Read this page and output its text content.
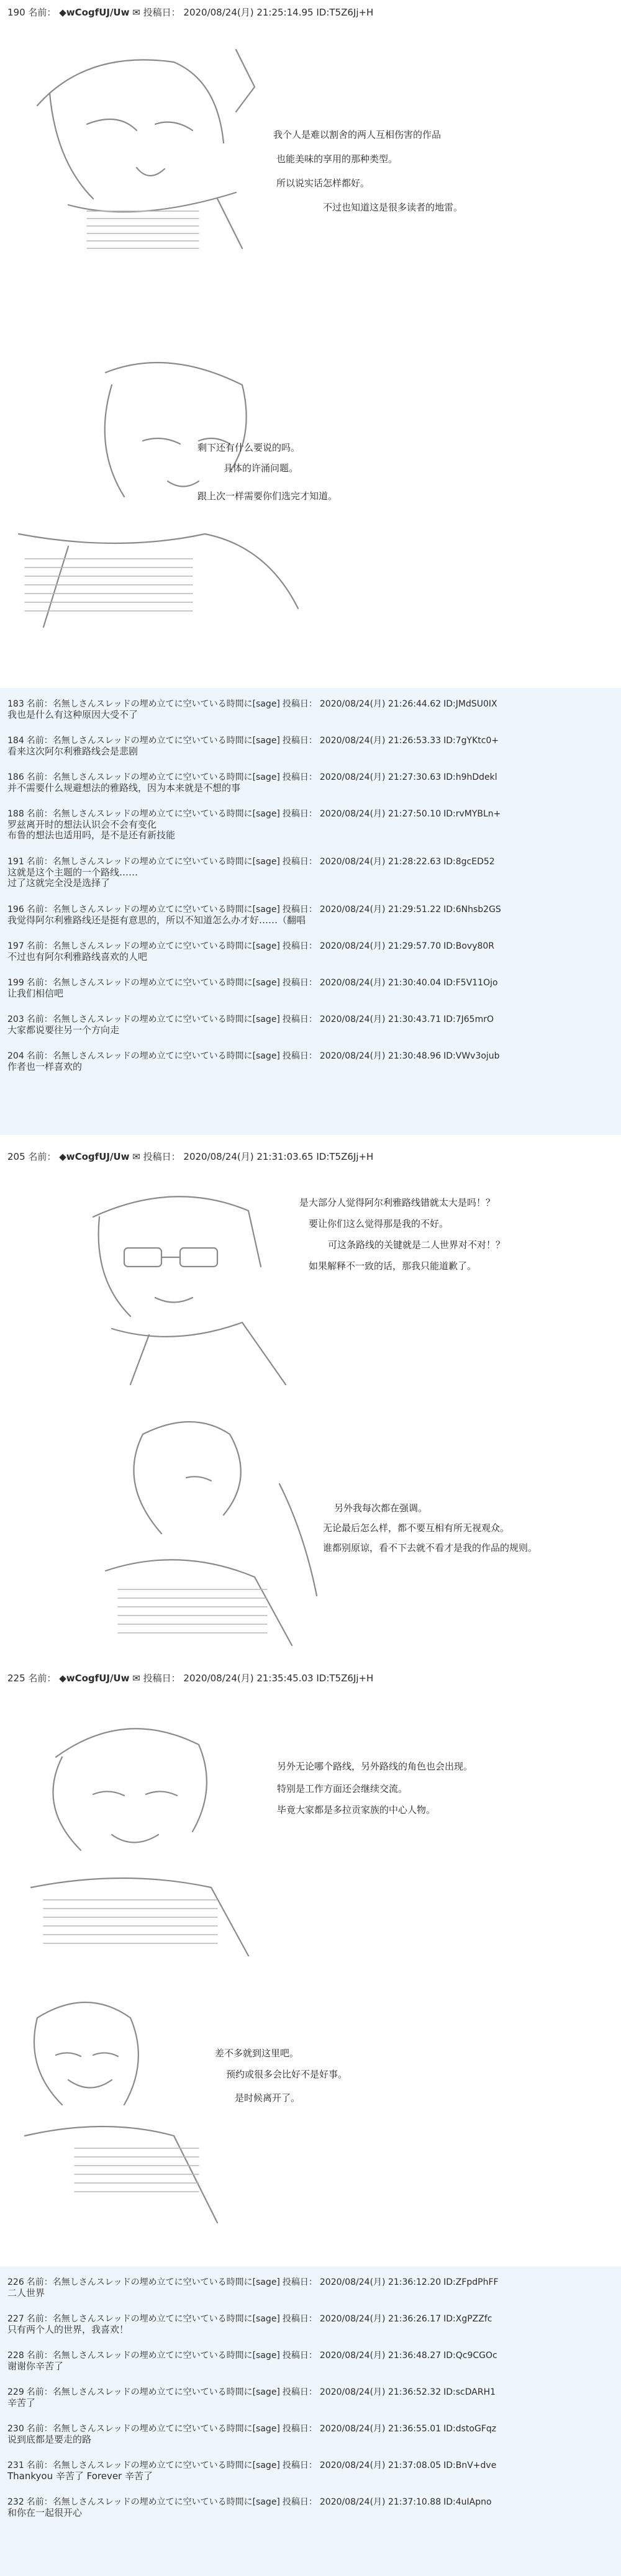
190 名前： ◆wCogfUJ/Uw ✉ 投稿日： 2020/08/24(月) 21:25:14.95 ID:T5Z6Jj+H
我个人是难以割舍的两人互相伤害的作品
也能美味的享用的那种类型。
所以说实话怎样都好。
不过也知道这是很多读者的地雷。
剩下还有什么要说的吗。
具体的许涌问题。
跟上次一样需要你们选完才知道。
183 名前：名無しさんスレッドの埋め立てに空いている時間に[sage] 投稿日： 2020/08/24(月) 21:26:44.62 ID:JMdSU0IX
我也是什么有这种原因大受不了
184 名前：名無しさんスレッドの埋め立てに空いている時間に[sage] 投稿日： 2020/08/24(月) 21:26:53.33 ID:7gYKtc0+
看来这次阿尔利雅路线会是悲剧
186 名前：名無しさんスレッドの埋め立てに空いている時間に[sage] 投稿日： 2020/08/24(月) 21:27:30.63 ID:h9hDdekl
并不需要什么规避想法的雅路线，因为本来就是不想的事
188 名前：名無しさんスレッドの埋め立てに空いている時間に[sage] 投稿日： 2020/08/24(月) 21:27:50.10 ID:rvMYBLn+
罗兹离开时的想法认识会不会有变化
布鲁的想法也适用吗，是不是还有新技能
191 名前：名無しさんスレッドの埋め立てに空いている時間に[sage] 投稿日： 2020/08/24(月) 21:28:22.63 ID:8gcED52
这就是这个主题的一个路线……
过了这就完全没是选择了
196 名前：名無しさんスレッドの埋め立てに空いている時間に[sage] 投稿日： 2020/08/24(月) 21:29:51.22 ID:6Nhsb2GS
我觉得阿尔利雅路线还是挺有意思的，所以不知道怎么办才好……（翻唱
197 名前：名無しさんスレッドの埋め立てに空いている時間に[sage] 投稿日： 2020/08/24(月) 21:29:57.70 ID:Bovy80R
不过也有阿尔利雅路线喜欢的人吧
199 名前：名無しさんスレッドの埋め立てに空いている時間に[sage] 投稿日： 2020/08/24(月) 21:30:40.04 ID:F5V11Ojo
让我们相信吧
203 名前：名無しさんスレッドの埋め立てに空いている時間に[sage] 投稿日： 2020/08/24(月) 21:30:43.71 ID:7J65mrO
大家都说要往另一个方向走
204 名前：名無しさんスレッドの埋め立てに空いている時間に[sage] 投稿日： 2020/08/24(月) 21:30:48.96 ID:VWv3ojub
作者也一样喜欢的
205 名前： ◆wCogfUJ/Uw ✉ 投稿日： 2020/08/24(月) 21:31:03.65 ID:T5Z6Jj+H
是大部分人觉得阿尔利雅路线错就太大是吗！？
要让你们这么觉得那是我的不好。
可这条路线的关键就是二人世界对不对！？
如果解释不一致的话，那我只能道歉了。
另外我每次都在强调。
无论最后怎么样，都不要互相有所无视观众。
谁都别原谅，看不下去就不看才是我的作品的规则。
225 名前： ◆wCogfUJ/Uw ✉ 投稿日： 2020/08/24(月) 21:35:45.03 ID:T5Z6Jj+H
另外无论哪个路线，另外路线的角色也会出现。
特别是工作方面还会继续交流。
毕竟大家都是多拉贡家族的中心人物。
差不多就到这里吧。
预约或很多会比好不是好事。
是时候离开了。
226 名前：名無しさんスレッドの埋め立てに空いている時間に[sage] 投稿日： 2020/08/24(月) 21:36:12.20 ID:ZFpdPhFF
二人世界
227 名前：名無しさんスレッドの埋め立てに空いている時間に[sage] 投稿日： 2020/08/24(月) 21:36:26.17 ID:XgPZZfc
只有两个人的世界，我喜欢！
228 名前：名無しさんスレッドの埋め立てに空いている時間に[sage] 投稿日： 2020/08/24(月) 21:36:48.27 ID:Qc9CGOc
谢谢你辛苦了
229 名前：名無しさんスレッドの埋め立てに空いている時間に[sage] 投稿日： 2020/08/24(月) 21:36:52.32 ID:scDARH1
辛苦了
230 名前：名無しさんスレッドの埋め立てに空いている時間に[sage] 投稿日： 2020/08/24(月) 21:36:55.01 ID:dstoGFqz
说到底都是要走的路
231 名前：名無しさんスレッドの埋め立てに空いている時間に[sage] 投稿日： 2020/08/24(月) 21:37:08.05 ID:BnV+dve
Thankyou 辛苦了 Forever 辛苦了
232 名前：名無しさんスレッドの埋め立てに空いている時間に[sage] 投稿日： 2020/08/24(月) 21:37:10.88 ID:4uIApno
和你在一起很开心
